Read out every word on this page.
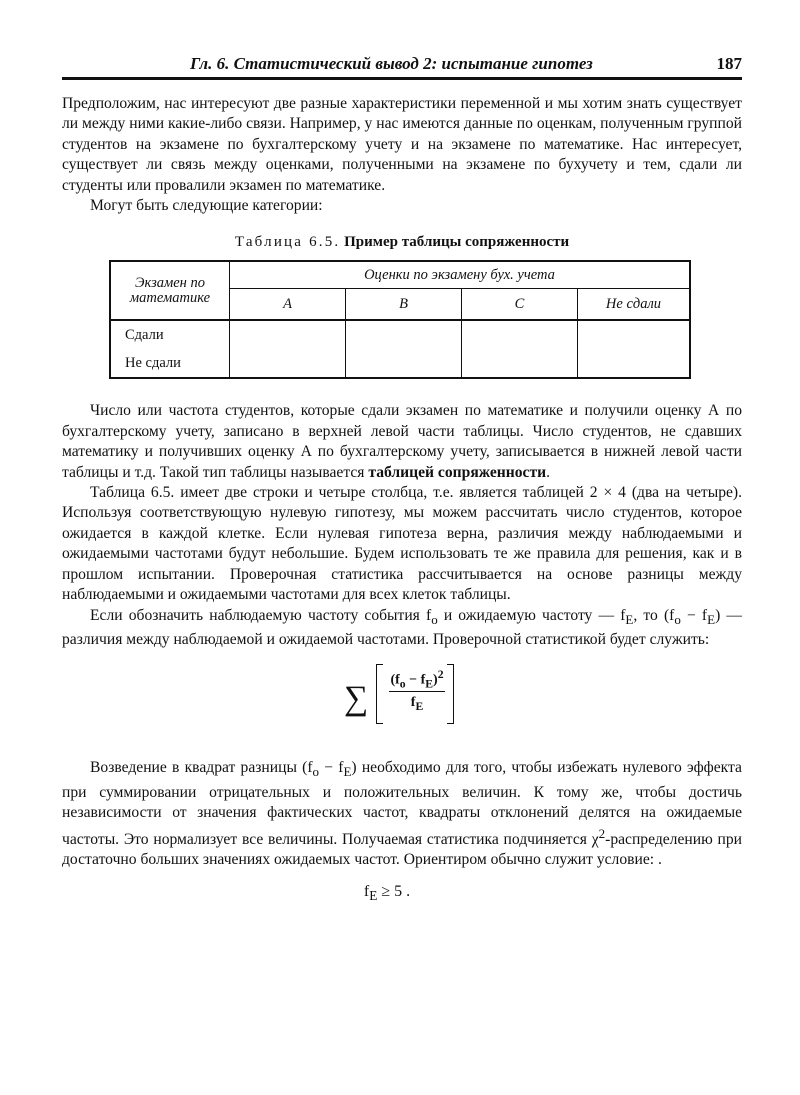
Гл. 6. Статистический вывод 2: испытание гипотез	187

Предположим, нас интересуют две разные характеристики переменной и мы хотим знать существует ли между ними какие-либо связи. Например, у нас имеются данные по оценкам, полученным группой студентов на экзамене по бухгалтерскому учету и на экзамене по математике. Нас интересует, существует ли связь между оценками, полученными на экзамене по бухучету и тем, сдали ли студенты или провалили экзамен по математике.

Могут быть следующие категории:

Таблица 6.5. Пример таблицы сопряженности
Экзамен по математике	Оценки по экзамену бух. учета			
	A	B	C	Не сдали
Сдали				
Не сдали				

Число или частота студентов, которые сдали экзамен по математике и получили оценку А по бухгалтерскому учету, записано в верхней левой части таблицы. Число студентов, не сдавших математику и получивших оценку А по бухгалтерскому учету, записывается в нижней левой части таблицы и т.д. Такой тип таблицы называется таблицей сопряженности.

Таблица 6.5. имеет две строки и четыре столбца, т.е. является таблицей 2 × 4 (два на четыре). Используя соответствующую нулевую гипотезу, мы можем рассчитать число студентов, которое ожидается в каждой клетке. Если нулевая гипотеза верна, различия между наблюдаемыми и ожидаемыми частотами будут небольшие. Будем использовать те же правила для решения, как и в прошлом испытании. Проверочная статистика рассчитывается на основе разницы между наблюдаемыми и ожидаемыми частотами для всех клеток таблицы.

Если обозначить наблюдаемую частоту события $f_o$ и ожидаемую частоту — $f_E$, то $(f_o - f_E)$ — различия между наблюдаемой и ожидаемой частотами. Проверочной статистикой будет служить:

∑ $(f_o - f_E)^2$
$f_E$

Возведение в квадрат разницы $(f_o - f_E)$ необходимо для того, чтобы избежать нулевого эффекта при суммировании отрицательных и положительных величин. К тому же, чтобы достичь независимости от значения фактических частот, квадраты отклонений делятся на ожидаемые частоты. Это нормализует все величины. Получаемая статистика подчиняется $\chi^2$-распределению при достаточно больших значениях ожидаемых частот. Ориентиром обычно служит условие: .

$f_E \ge 5$ .
